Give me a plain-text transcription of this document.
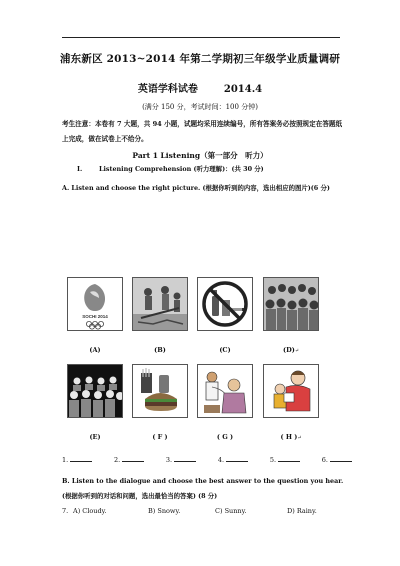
浦东新区 2013~2014 年第二学期初三年级学业质量调研
英语学科试卷	2014.4
(满分 150 分，考试时间：100 分钟)
考生注意：本卷有 7 大题，共 94 小题，试题均采用连续编号，所有答案务必按照规定在答题纸上完成，做在试卷上不给分。
Part 1 Listening（第一部分　听力）
I.	Listening Comprehension (听力理解)：(共 30 分)
A. Listen and choose the right picture. (根据你听到的内容，选出相应的图片)(6 分)
SOCHI 2014
(A)	(B)	(C)	(D)↵
(E)	( F )	( G )	( H )↵
1.	2.	3.	4.	5.	6.
B. Listen to the dialogue and choose the best answer to the question you hear. (根据你听到的对话和问题，选出最恰当的答案) (8 分)
7. A) Cloudy.	B) Snowy.	C) Sunny.	D) Rainy.
